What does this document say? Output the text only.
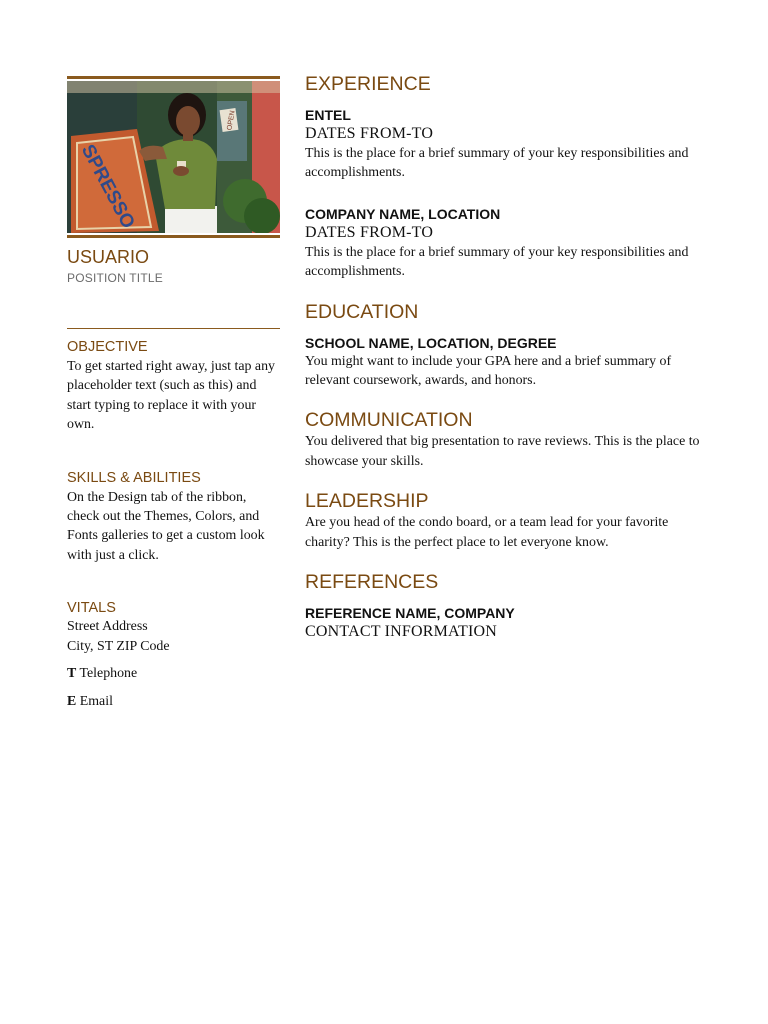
OPEN
SPRESSO
USUARIO
POSITION TITLE
OBJECTIVE
To get started right away, just tap any placeholder text (such as this) and start typing to replace it with your own.
SKILLS & ABILITIES
On the Design tab of the ribbon, check out the Themes, Colors, and Fonts galleries to get a custom look with just a click.
VITALS
Street Address
City, ST ZIP Code
T Telephone
E Email
EXPERIENCE
ENTEL
DATES FROM-TO
This is the place for a brief summary of your key responsibilities and accomplishments.
COMPANY NAME, LOCATION
DATES FROM-TO
This is the place for a brief summary of your key responsibilities and accomplishments.
EDUCATION
SCHOOL NAME, LOCATION, DEGREE
You might want to include your GPA here and a brief summary of relevant coursework, awards, and honors.
COMMUNICATION
You delivered that big presentation to rave reviews. This is the place to showcase your skills.
LEADERSHIP
Are you head of the condo board, or a team lead for your favorite charity? This is the perfect place to let everyone know.
REFERENCES
REFERENCE NAME, COMPANY
CONTACT INFORMATION
